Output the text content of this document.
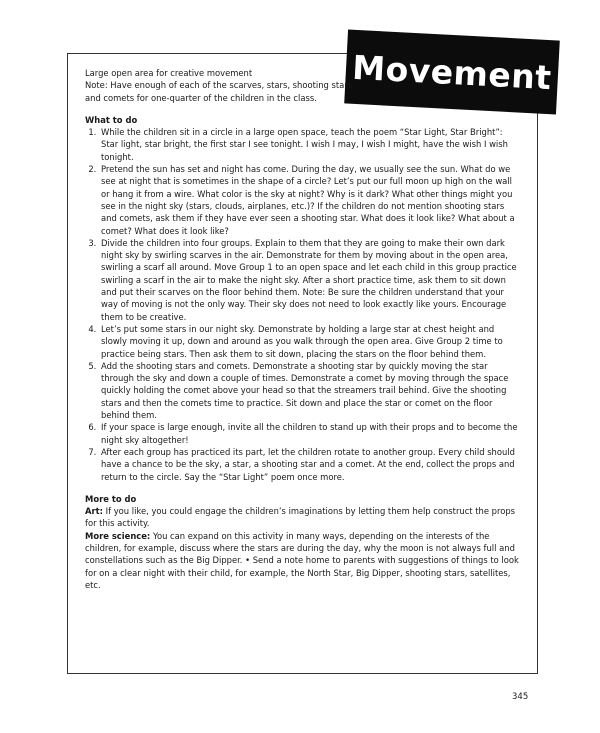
Movement
Large open area for creative movement
Note: Have enough of each of the scarves, stars, shooting stars and comets for one-quarter of the children in the class.
What to do
1. While the children sit in a circle in a large open space, teach the poem “Star Light, Star Bright”: Star light, star bright, the first star I see tonight. I wish I may, I wish I might, have the wish I wish tonight.
2. Pretend the sun has set and night has come. During the day, we usually see the sun. What do we see at night that is sometimes in the shape of a circle? Let’s put our full moon up high on the wall or hang it from a wire. What color is the sky at night? Why is it dark? What other things might you see in the night sky (stars, clouds, airplanes, etc.)? If the children do not mention shooting stars and comets, ask them if they have ever seen a shooting star. What does it look like? What about a comet? What does it look like?
3. Divide the children into four groups. Explain to them that they are going to make their own dark night sky by swirling scarves in the air. Demonstrate for them by moving about in the open area, swirling a scarf all around. Move Group 1 to an open space and let each child in this group practice swirling a scarf in the air to make the night sky. After a short practice time, ask them to sit down and put their scarves on the floor behind them. Note: Be sure the children understand that your way of moving is not the only way. Their sky does not need to look exactly like yours. Encourage them to be creative.
4. Let’s put some stars in our night sky. Demonstrate by holding a large star at chest height and slowly moving it up, down and around as you walk through the open area. Give Group 2 time to practice being stars. Then ask them to sit down, placing the stars on the floor behind them.
5. Add the shooting stars and comets. Demonstrate a shooting star by quickly moving the star through the sky and down a couple of times. Demonstrate a comet by moving through the space quickly holding the comet above your head so that the streamers trail behind. Give the shooting stars and then the comets time to practice. Sit down and place the star or comet on the floor behind them.
6. If your space is large enough, invite all the children to stand up with their props and to become the night sky altogether!
7. After each group has practiced its part, let the children rotate to another group. Every child should have a chance to be the sky, a star, a shooting star and a comet. At the end, collect the props and return to the circle. Say the “Star Light” poem once more.
More to do

Art: If you like, you could engage the children’s imaginations by letting them help construct the props for this activity.

More science: You can expand on this activity in many ways, depending on the interests of the children, for example, discuss where the stars are during the day, why the moon is not always full and constellations such as the Big Dipper. • Send a note home to parents with suggestions of things to look for on a clear night with their child, for example, the North Star, Big Dipper, shooting stars, satellites, etc.

345
